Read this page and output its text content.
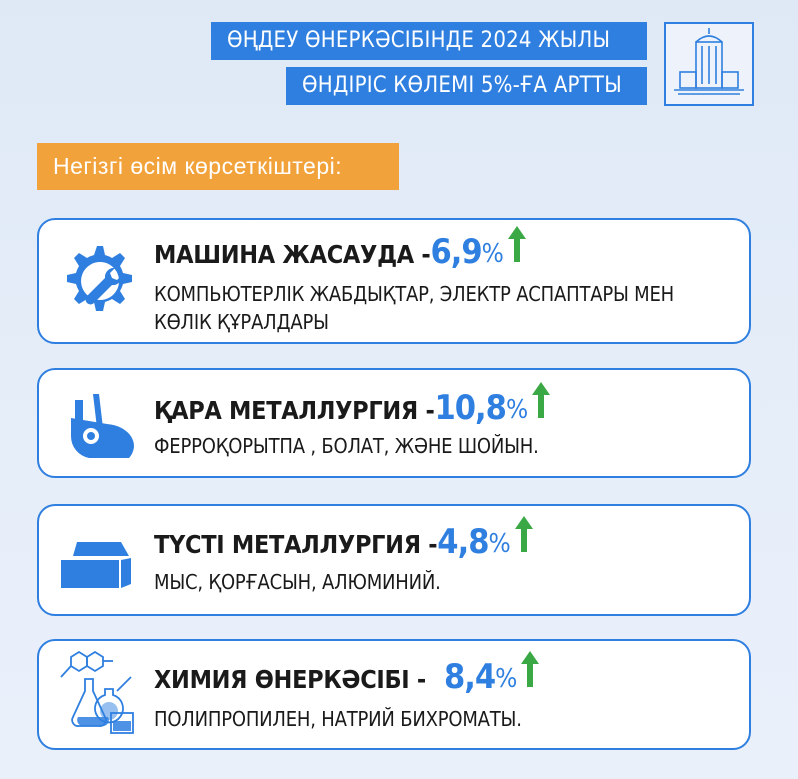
ӨҢДЕУ ӨНЕРКӘСІБІНДЕ 2024 ЖЫЛЫ
ӨНДІРІС КӨЛЕМІ 5%-ҒА АРТТЫ
Негізгі өсім көрсеткіштері:
МАШИНА ЖАСАУДА -6,9%
КОМПЬЮТЕРЛІК ЖАБДЫҚТАР, ЭЛЕКТР АСПАПТАРЫ МЕН
КӨЛІК ҚҰРАЛДАРЫ
ҚАРА МЕТАЛЛУРГИЯ -10,8%
ФЕРРОҚОРЫТПА , БОЛАТ, ЖӘНЕ ШОЙЫН.
ТҮСТІ МЕТАЛЛУРГИЯ -4,8%
МЫС, ҚОРҒАСЫН, АЛЮМИНИЙ.
ХИМИЯ ӨНЕРКӘСІБІ -8,4%
ПОЛИПРОПИЛЕН, НАТРИЙ БИХРОМАТЫ.
